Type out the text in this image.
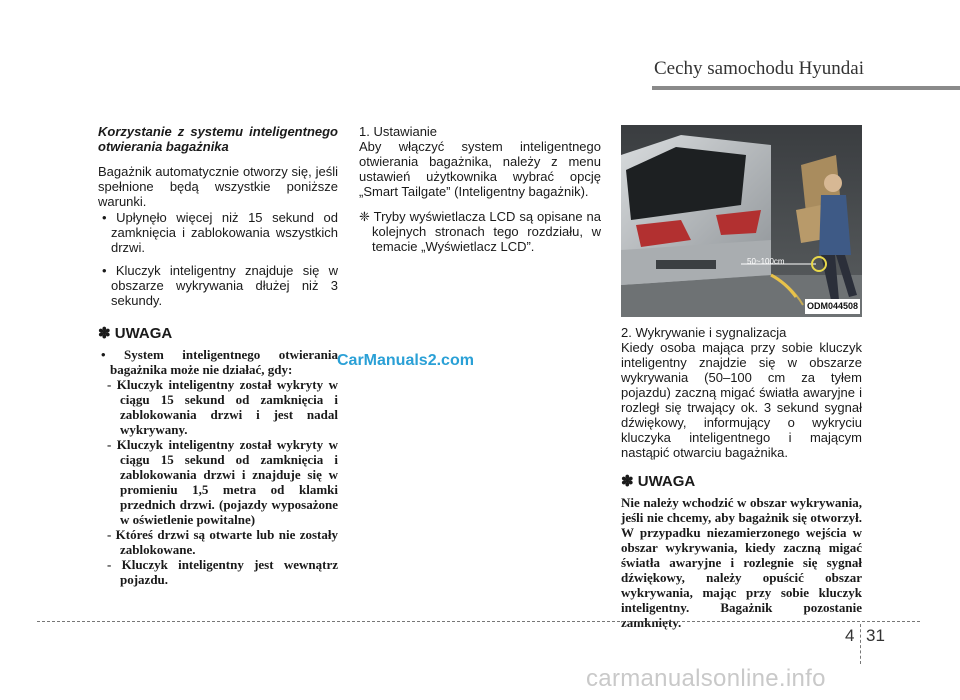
Cechy samochodu Hyundai

Korzystanie z systemu inteligentnego otwierania bagażnika

Bagażnik automatycznie otworzy się, jeśli spełnione będą wszystkie poniższe warunki.

• Upłynęło więcej niż 15 sekund od zamknięcia i zablokowania wszystkich drzwi.

• Kluczyk inteligentny znajduje się w obszarze wykrywania dłużej niż 3 sekundy.

✽ UWAGA

• System inteligentnego otwierania bagażnika może nie działać, gdy:

- Kluczyk inteligentny został wykryty w ciągu 15 sekund od zamknięcia i zablokowania drzwi i jest nadal wykrywany.

- Kluczyk inteligentny został wykryty w ciągu 15 sekund od zamknięcia i zablokowania drzwi i znajduje się w promieniu 1,5 metra od klamki przednich drzwi. (pojazdy wyposażone w oświetlenie powitalne)

- Któreś drzwi są otwarte lub nie zostały zablokowane.

- Kluczyk inteligentny jest wewnątrz pojazdu.

1. Ustawianie

Aby włączyć system inteligentnego otwierania bagażnika, należy z menu ustawień użytkownika wybrać opcję „Smart Tailgate” (Inteligentny bagażnik).

❈ Tryby wyświetlacza LCD są opisane na kolejnych stronach tego rozdziału, w temacie „Wyświetlacz LCD”.

50~100cm
ODM044508

2. Wykrywanie i sygnalizacja

Kiedy osoba mająca przy sobie kluczyk inteligentny znajdzie się w obszarze wykrywania (50–100 cm za tyłem pojazdu) zaczną migać światła awaryjne i rozległ się trwający ok. 3 sekund sygnał dźwiękowy, informujący o wykryciu kluczyka inteligentnego i mającym nastąpić otwarciu bagażnika.

✽ UWAGA

Nie należy wchodzić w obszar wykrywania, jeśli nie chcemy, aby bagażnik się otworzył. W przypadku niezamierzonego wejścia w obszar wykrywania, kiedy zaczną migać światła awaryjne i rozlegnie się sygnał dźwiękowy, należy opuścić obszar wykrywania, mając przy sobie kluczyk inteligentny. Bagażnik pozostanie zamknięty.

CarManuals2.com
4 31
carmanualsonline.info
